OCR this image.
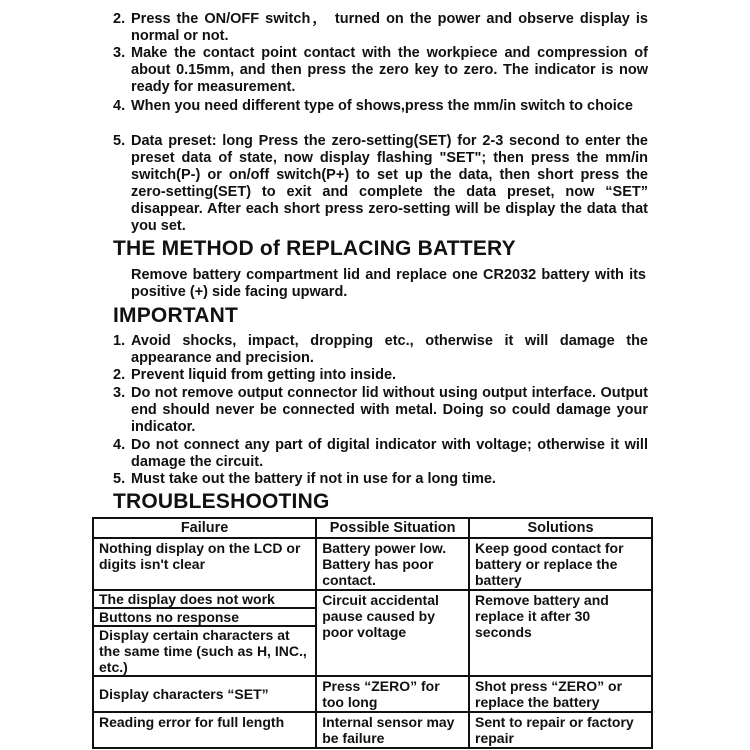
2. Press the ON/OFF switch， turned on the power and observe display is normal or not.
3. Make the contact point contact with the workpiece and compression of about 0.15mm, and then press the zero key to zero. The indicator is now ready for measurement.
4. When you need different type of shows,press the mm/in switch to choice
5. Data preset: long Press the zero-setting(SET) for 2-3 second to enter the preset data of state, now display flashing "SET"; then press the mm/in switch(P-) or on/off switch(P+) to set up the data, then short press the zero-setting(SET) to exit and complete the data preset, now “SET” disappear. After each short press zero-setting will be display the data that you set.
THE METHOD of REPLACING BATTERY
Remove battery compartment lid and replace one CR2032 battery with its positive (+) side facing upward.
IMPORTANT
1. Avoid shocks, impact, dropping etc., otherwise it will damage the appearance and precision.
2. Prevent liquid from getting into inside.
3. Do not remove output connector lid without using output interface. Output end should never be connected with metal. Doing so could damage your indicator.
4. Do not connect any part of digital indicator with voltage; otherwise it will damage the circuit.
5. Must take out the battery if not in use for a long time.
TROUBLESHOOTING
Failure	Possible Situation	Solutions
Nothing display on the LCD or digits isn't clear	Battery power low. Battery has poor contact.	Keep good contact for battery or replace the battery

The display does not work
Buttons no response
Display certain characters at the same time (such as H, INC., etc.)	Circuit accidental pause caused by poor voltage	Remove battery and replace it after 30 seconds
Display characters “SET”	Press “ZERO” for too long	Shot press “ZERO” or replace the battery
Reading error for full length	Internal sensor may be failure	Sent to repair or factory repair
